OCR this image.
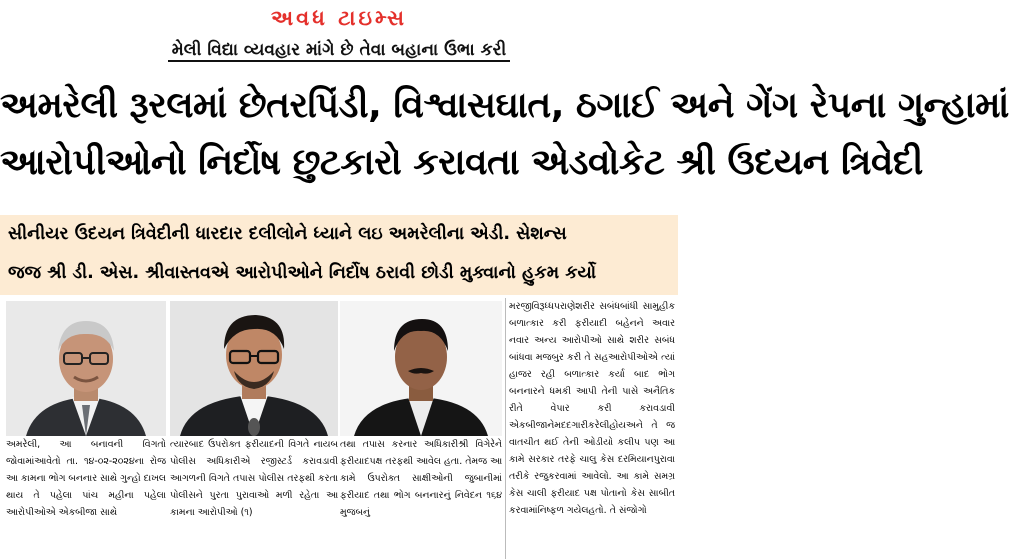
અવધ ટાઇમ્સ
મેલી વિદ્યા વ્યવહાર માંગે છે તેવા બહાના ઉભા કરી
અમરેલી રૂરલમાં છેતરપિંડી, વિશ્વાસઘાત, ઠગાઈ અને ગેંગ રેપના ગુન્હામાં
આરોપીઓનો નિર્દોષ છુટકારો કરાવતા એડવોકેટ શ્રી ઉદયન ત્રિવેદી
સીનીયર ઉદયન ત્રિવેદીની ધારદાર દલીલોને ધ્યાને લઇ અમરેલીના એડી. સેશન્સ
જજ શ્રી ડી. એસ. શ્રીવાસ્તવએ આરોપીઓને નિર્દોષ ઠરાવી છોડી મુક્વાનો હુકમ કર્યો

અમરેલી, આ બનાવની વિગતો જોવામાંઆવેતો તા. ૧૪-૦૨-૨૦૨૪ના રોજ આ કામના ભોગ બનનાર સાથે ગુન્હો દાખલ થાય તે પહેલા પાંચ મહીના પહેલા આરોપીઓએ એકબીજા સાથે

ત્યારબાદ ઉપરોક્ત ફરીયાદની વિગતે નાયબ પોલીસ અધિકારીએ રજીસ્ટર્ડ કરાવડાવી આગળની વિગતે તપાસ પોલીસ તરફથી કરતા પોલીસને પુરતા પુરાવાઓ મળી રહેતા આ કામના આરોપીઓ (૧)

તથા તપાસ કરનાર અધિકારીશ્રી વિગેરેને ફરીયાદપક્ષ તરફથી આવેલ હતા. તેમજ આ કામે ઉપરોક્ત સાક્ષીઓની જુબાનીમાં ફરીયાદ તથા ભોગ બનનારનું નિવેદન ૧૬૪ મુજબનું

મરજીવિરૂધ્ધપરાણેશરીર સબંધબાંધી સામુહીક બળાત્કાર કરી ફરીયાદી બહેનને અવાર નવાર અન્ય આરોપીઓ સાથે શરીર સબંધ બાંધવા મજબુર કરી તે સહઆરોપીઓએ ત્યાં હાજર રહી બળાત્કાર કર્યા બાદ ભોગ બનનારને ધમકી આપી તેની પાસે અનૈતિક રીતે વેપાર કરી કરાવડાવી એકબીજાનેમદદગારીકરેલીહોયઅને તે જ વાતચીત થઈ તેની ઓડીયો કલીપ પણ આ કામે સરકાર તરફે ચાલુ કેસ દરમિયાનપુરાવા તરીકે રજુકરવામાં આવેલો. આ કામે સમગ્ર કેસ ચાલી ફરીયાદ પક્ષ પોતાનો કેસ સાબીત કરવામાંનિષ્ફળ ગયેલહતો. તે સંજોગો
